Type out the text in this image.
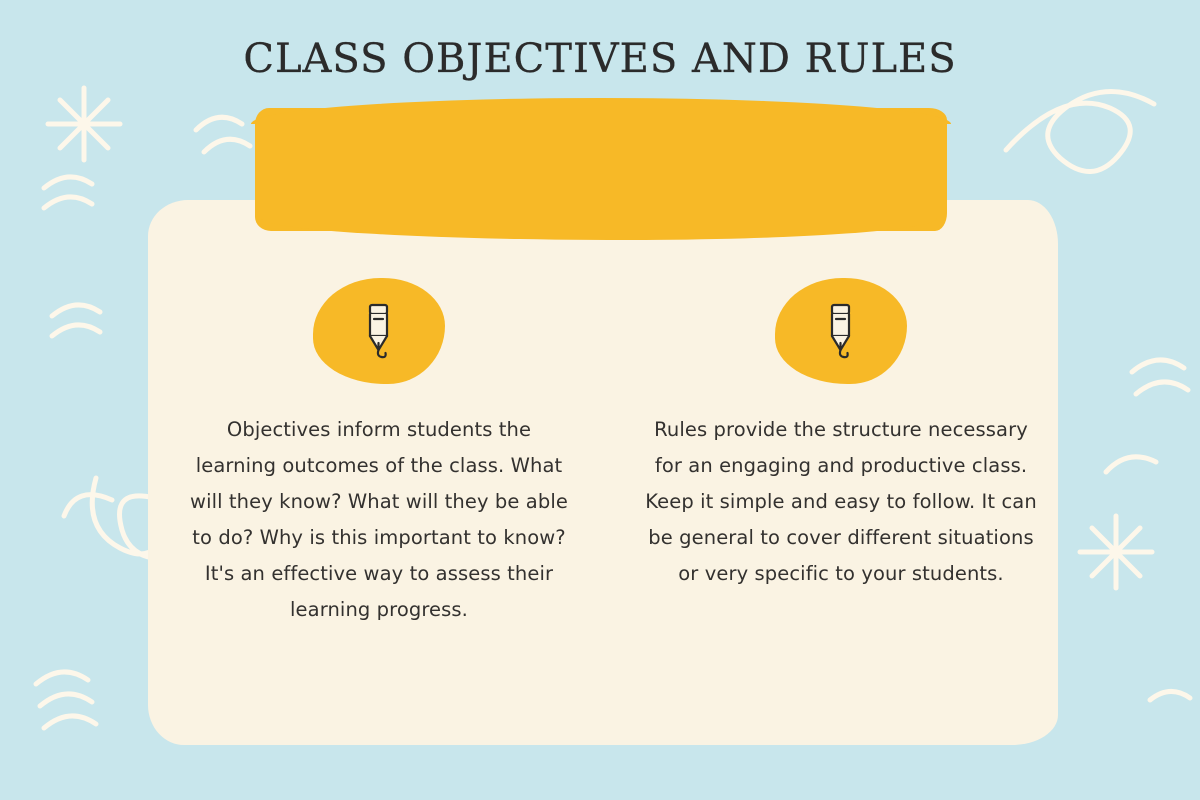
CLASS OBJECTIVES AND RULES
Objectives inform students the learning outcomes of the class. What will they know? What will they be able to do? Why is this important to know? It's an effective way to assess their learning progress.
Rules provide the structure necessary for an engaging and productive class. Keep it simple and easy to follow. It can be general to cover different situations or very specific to your students.
